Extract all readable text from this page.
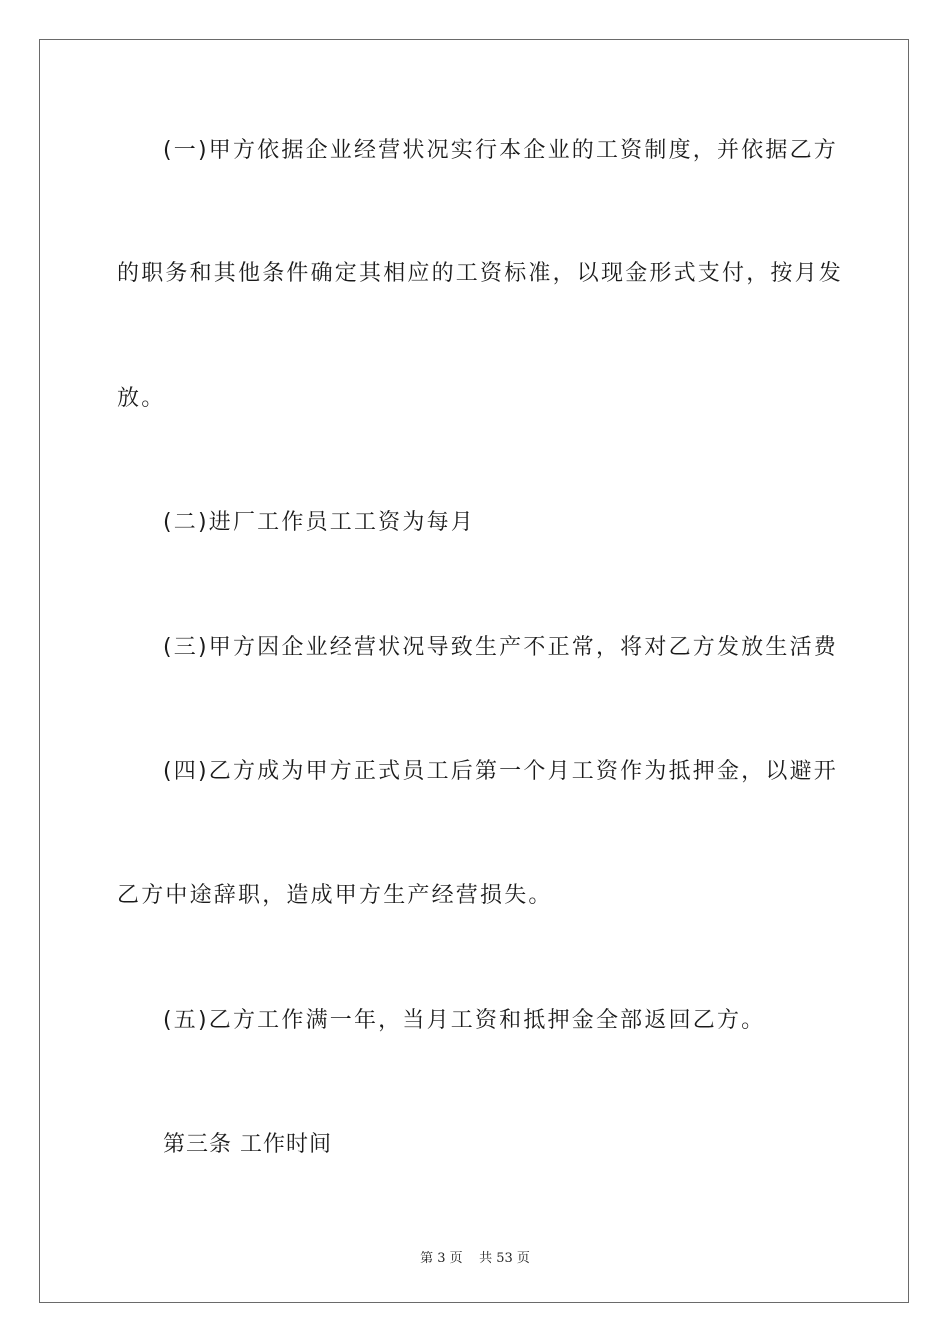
(一)甲方依据企业经营状况实行本企业的工资制度，并依据乙方
的职务和其他条件确定其相应的工资标准，以现金形式支付，按月发
放。
(二)进厂工作员工工资为每月
(三)甲方因企业经营状况导致生产不正常，将对乙方发放生活费
(四)乙方成为甲方正式员工后第一个月工资作为抵押金，以避开
乙方中途辞职，造成甲方生产经营损失。
(五)乙方工作满一年，当月工资和抵押金全部返回乙方。
第三条 工作时间
第 3 页    共 53 页
